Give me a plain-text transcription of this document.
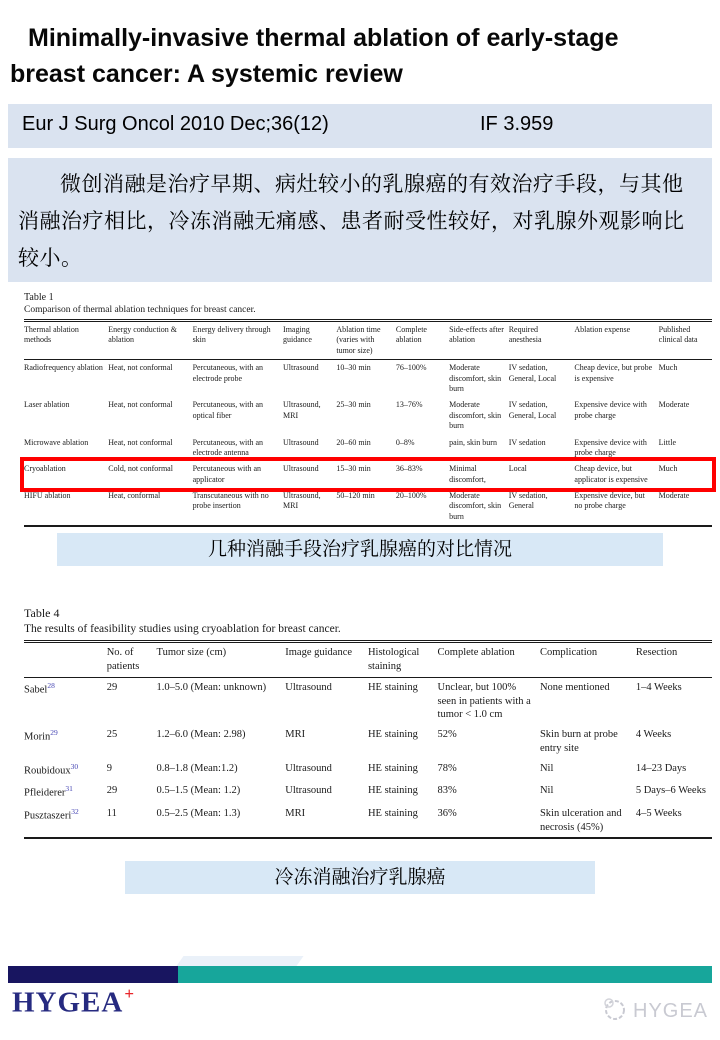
Minimally-invasive thermal ablation of early-stage
breast cancer: A systemic review
Eur J Surg Oncol 2010 Dec;36(12)	IF 3.959

微创消融是治疗早期、病灶较小的乳腺癌的有效治疗手段，与其他消融治疗相比，冷冻消融无痛感、患者耐受性较好，对乳腺外观影响比较小。

Table 1
Comparison of thermal ablation techniques for breast cancer.
Thermal ablation methods	Energy conduction & ablation	Energy delivery through skin	Imaging guidance	Ablation time (varies with tumor size)	Complete ablation	Side-effects after ablation	Required anesthesia	Ablation expense	Published clinical data
Radiofrequency ablation	Heat, not conformal	Percutaneous, with an electrode probe	Ultrasound	10–30 min	76–100%	Moderate discomfort, skin burn	IV sedation, General, Local	Cheap device, but probe is expensive	Much
Laser ablation	Heat, not conformal	Percutaneous, with an optical fiber	Ultrasound, MRI	25–30 min	13–76%	Moderate discomfort, skin burn	IV sedation, General, Local	Expensive device with probe charge	Moderate
Microwave ablation	Heat, not conformal	Percutaneous, with an electrode antenna	Ultrasound	20–60 min	0–8%	pain, skin burn	IV sedation	Expensive device with probe charge	Little
Cryoablation	Cold, not conformal	Percutaneous with an applicator	Ultrasound	15–30 min	36–83%	Minimal discomfort,	Local	Cheap device, but applicator is expensive	Much
HIFU ablation	Heat, conformal	Transcutaneous with no probe insertion	Ultrasound, MRI	50–120 min	20–100%	Moderate discomfort, skin burn	IV sedation, General	Expensive device, but no probe charge	Moderate
几种消融手段治疗乳腺癌的对比情况
Table 4
The results of feasibility studies using cryoablation for breast cancer.
	No. of patients	Tumor size (cm)	Image guidance	Histological staining	Complete ablation	Complication	Resection
Sabel$^{28}$	29	1.0–5.0 (Mean: unknown)	Ultrasound	HE staining	Unclear, but 100% seen in patients with a tumor < 1.0 cm	None mentioned	1–4 Weeks
Morin$^{29}$	25	1.2–6.0 (Mean: 2.98)	MRI	HE staining	52%	Skin burn at probe entry site	4 Weeks
Roubidoux$^{30}$	9	0.8–1.8 (Mean:1.2)	Ultrasound	HE staining	78%	Nil	14–23 Days
Pfleiderer$^{31}$	29	0.5–1.5 (Mean: 1.2)	Ultrasound	HE staining	83%	Nil	5 Days–6 Weeks
Pusztaszeri$^{32}$	11	0.5–2.5 (Mean: 1.3)	MRI	HE staining	36%	Skin ulceration and necrosis (45%)	4–5 Weeks
冷冻消融治疗乳腺癌
HYGEA+
HYGEA
